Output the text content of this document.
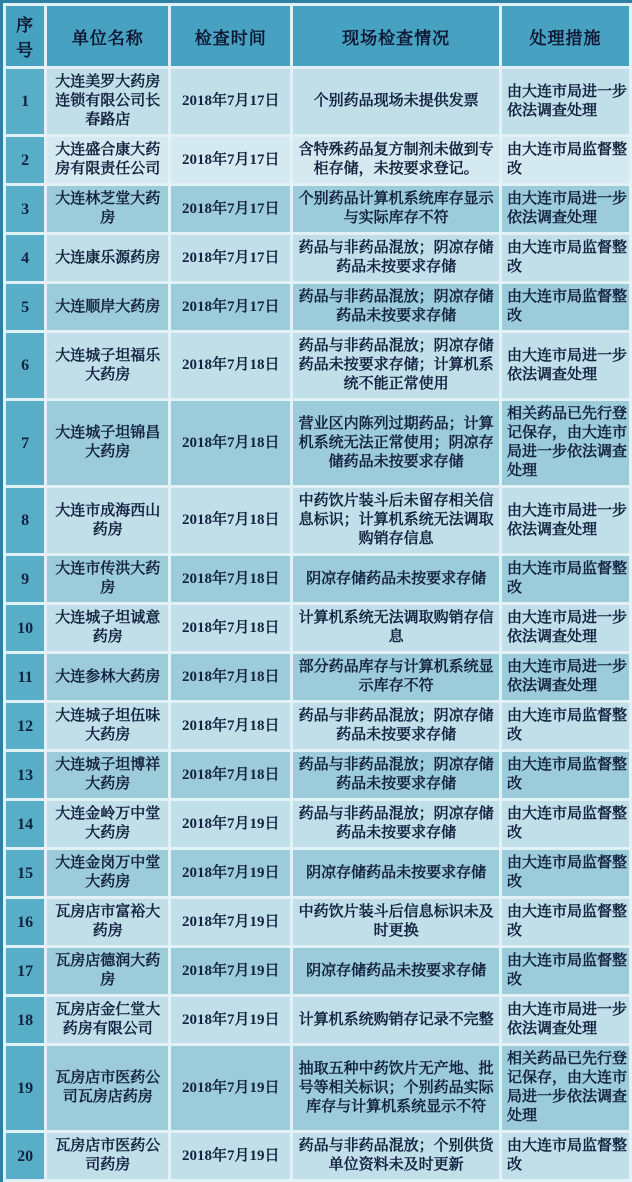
序号	单位名称	检查时间	现场检查情况	处理措施
1	大连美罗大药房连锁有限公司长春路店	2018年7月17日	个别药品现场未提供发票	由大连市局进一步依法调查处理
2	大连盛合康大药房有限责任公司	2018年7月17日	含特殊药品复方制剂未做到专柜存储，未按要求登记。	由大连市局监督整改
3	大连林芝堂大药房	2018年7月17日	个别药品计算机系统库存显示与实际库存不符	由大连市局进一步依法调查处理
4	大连康乐源药房	2018年7月17日	药品与非药品混放；阴凉存储药品未按要求存储	由大连市局监督整改
5	大连顺岸大药房	2018年7月17日	药品与非药品混放；阴凉存储药品未按要求存储	由大连市局监督整改
6	大连城子坦福乐大药房	2018年7月18日	药品与非药品混放；阴凉存储药品未按要求存储；计算机系统不能正常使用	由大连市局进一步依法调查处理
7	大连城子坦锦昌大药房	2018年7月18日	营业区内陈列过期药品；计算机系统无法正常使用；阴凉存储药品未按要求存储	相关药品已先行登记保存，由大连市局进一步依法调查处理
8	大连市成海西山药房	2018年7月18日	中药饮片装斗后未留存相关信息标识；计算机系统无法调取购销存信息	由大连市局进一步依法调查处理
9	大连市传洪大药房	2018年7月18日	阴凉存储药品未按要求存储	由大连市局监督整改
10	大连城子坦诚意药房	2018年7月18日	计算机系统无法调取购销存信息	由大连市局进一步依法调查处理
11	大连参林大药房	2018年7月18日	部分药品库存与计算机系统显示库存不符	由大连市局进一步依法调查处理
12	大连城子坦伍味大药房	2018年7月18日	药品与非药品混放；阴凉存储药品未按要求存储	由大连市局监督整改
13	大连城子坦博祥大药房	2018年7月18日	药品与非药品混放；阴凉存储药品未按要求存储	由大连市局监督整改
14	大连金岭万中堂大药房	2018年7月19日	药品与非药品混放；阴凉存储药品未按要求存储	由大连市局监督整改
15	大连金岗万中堂大药房	2018年7月19日	阴凉存储药品未按要求存储	由大连市局监督整改
16	瓦房店市富裕大药房	2018年7月19日	中药饮片装斗后信息标识未及时更换	由大连市局监督整改
17	瓦房店德润大药房	2018年7月19日	阴凉存储药品未按要求存储	由大连市局监督整改
18	瓦房店金仁堂大药房有限公司	2018年7月19日	计算机系统购销存记录不完整	由大连市局进一步依法调查处理
19	瓦房店市医药公司瓦房店药房	2018年7月19日	抽取五种中药饮片无产地、批号等相关标识；个别药品实际库存与计算机系统显示不符	相关药品已先行登记保存，由大连市局进一步依法调查处理
20	瓦房店市医药公司药房	2018年7月19日	药品与非药品混放；个别供货单位资料未及时更新	由大连市局监督整改
